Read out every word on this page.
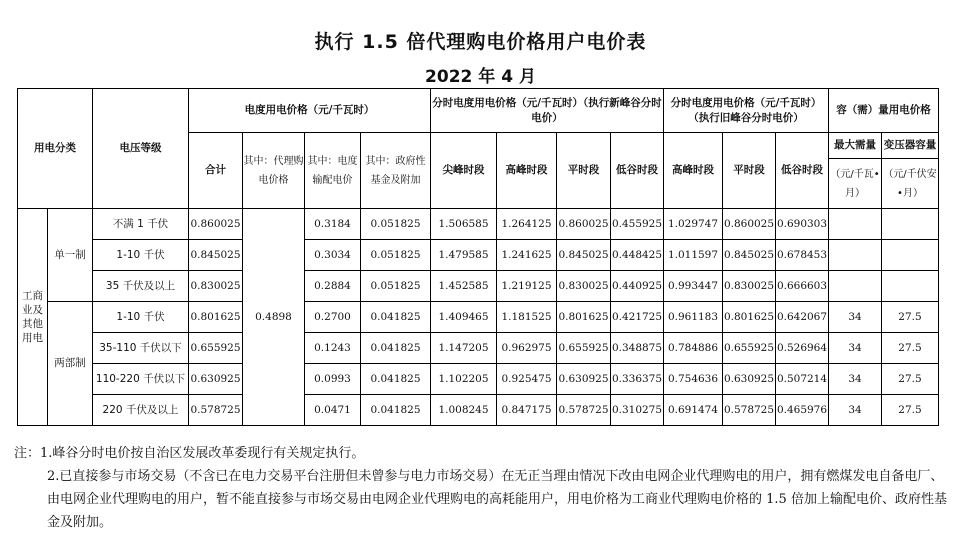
执行 1.5 倍代理购电价格用户电价表
2022 年 4 月
用电分类		电压等级	电度用电价格（元/千瓦时）				分时电度用电价格（元/千瓦时）（执行新峰谷分时电价）				分时电度用电价格（元/千瓦时）（执行旧峰谷分时电价）			容（需）量用电价格	
			合计	其中：代理购电价格	其中：电度输配电价	其中：政府性基金及附加	尖峰时段	高峰时段	平时段	低谷时段	高峰时段	平时段	低谷时段	最大需量	变压器容量
														（元/千瓦•月）	（元/千伏安•月）
工商业及其他用电	单一制	不满 1 千伏	0.860025	0.4898	0.3184	0.051825	1.506585	1.264125	0.860025	0.455925	1.029747	0.860025	0.690303		
		1-10 千伏	0.845025		0.3034	0.051825	1.479585	1.241625	0.845025	0.448425	1.011597	0.845025	0.678453		
		35 千伏及以上	0.830025		0.2884	0.051825	1.452585	1.219125	0.830025	0.440925	0.993447	0.830025	0.666603		
	两部制	1-10 千伏	0.801625		0.2700	0.041825	1.409465	1.181525	0.801625	0.421725	0.961183	0.801625	0.642067	34	27.5
		35-110 千伏以下	0.655925		0.1243	0.041825	1.147205	0.962975	0.655925	0.348875	0.784886	0.655925	0.526964	34	27.5
		110-220 千伏以下	0.630925		0.0993	0.041825	1.102205	0.925475	0.630925	0.336375	0.754636	0.630925	0.507214	34	27.5
		220 千伏及以上	0.578725		0.0471	0.041825	1.008245	0.847175	0.578725	0.310275	0.691474	0.578725	0.465976	34	27.5
注：1.峰谷分时电价按自治区发展改革委现行有关规定执行。
2.已直接参与市场交易（不含已在电力交易平台注册但未曾参与电力市场交易）在无正当理由情况下改由电网企业代理购电的用户，拥有燃煤发电自备电厂、由电网企业代理购电的用户，暂不能直接参与市场交易由电网企业代理购电的高耗能用户，用电价格为工商业代理购电价格的 1.5 倍加上输配电价、政府性基金及附加。
